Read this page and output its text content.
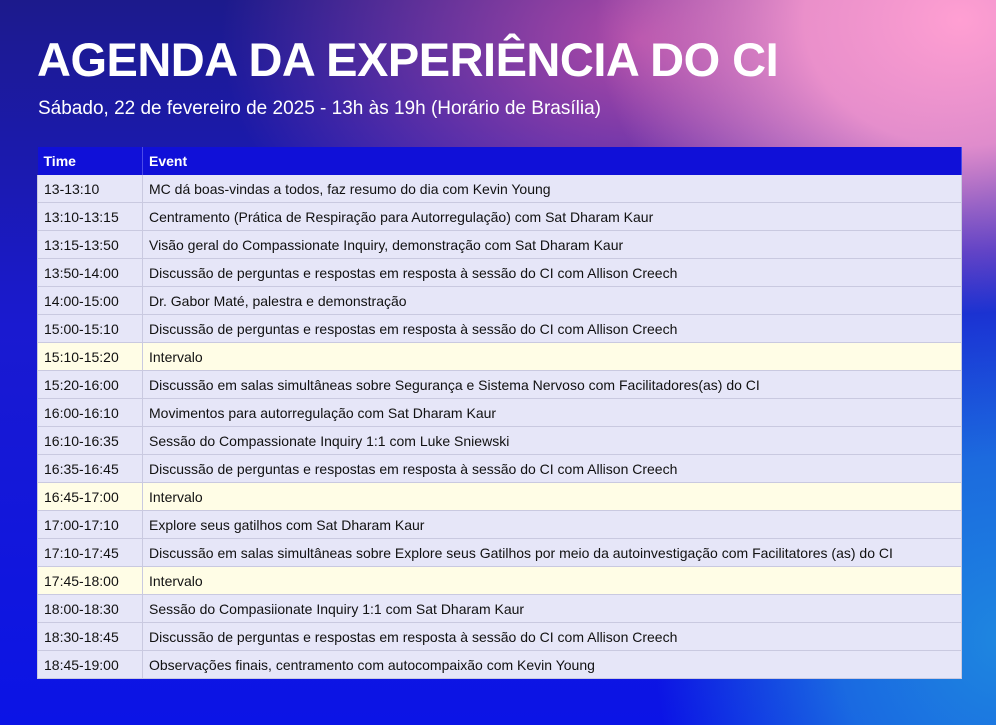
AGENDA DA EXPERIÊNCIA DO CI

Sábado, 22 de fevereiro de 2025 - 13h às 19h (Horário de Brasília)

Time	Event
13-13:10	MC dá boas-vindas a todos, faz resumo do dia com Kevin Young
13:10-13:15	Centramento (Prática de Respiração para Autorregulação) com Sat Dharam Kaur
13:15-13:50	Visão geral do Compassionate Inquiry, demonstração com Sat Dharam Kaur
13:50-14:00	Discussão de perguntas e respostas em resposta à sessão do CI com Allison Creech
14:00-15:00	Dr. Gabor Maté, palestra e demonstração
15:00-15:10	Discussão de perguntas e respostas em resposta à sessão do CI com Allison Creech
15:10-15:20	Intervalo
15:20-16:00	Discussão em salas simultâneas sobre Segurança e Sistema Nervoso com Facilitadores(as) do CI
16:00-16:10	Movimentos para autorregulação com Sat Dharam Kaur
16:10-16:35	Sessão do Compassionate Inquiry 1:1 com Luke Sniewski
16:35-16:45	Discussão de perguntas e respostas em resposta à sessão do CI com Allison Creech
16:45-17:00	Intervalo
17:00-17:10	Explore seus gatilhos com Sat Dharam Kaur
17:10-17:45	Discussão em salas simultâneas sobre Explore seus Gatilhos por meio da autoinvestigação com Facilitatores (as) do CI
17:45-18:00	Intervalo
18:00-18:30	Sessão do Compasiionate Inquiry 1:1 com Sat Dharam Kaur
18:30-18:45	Discussão de perguntas e respostas em resposta à sessão do CI com Allison Creech
18:45-19:00	Observações finais, centramento com autocompaixão com Kevin Young
